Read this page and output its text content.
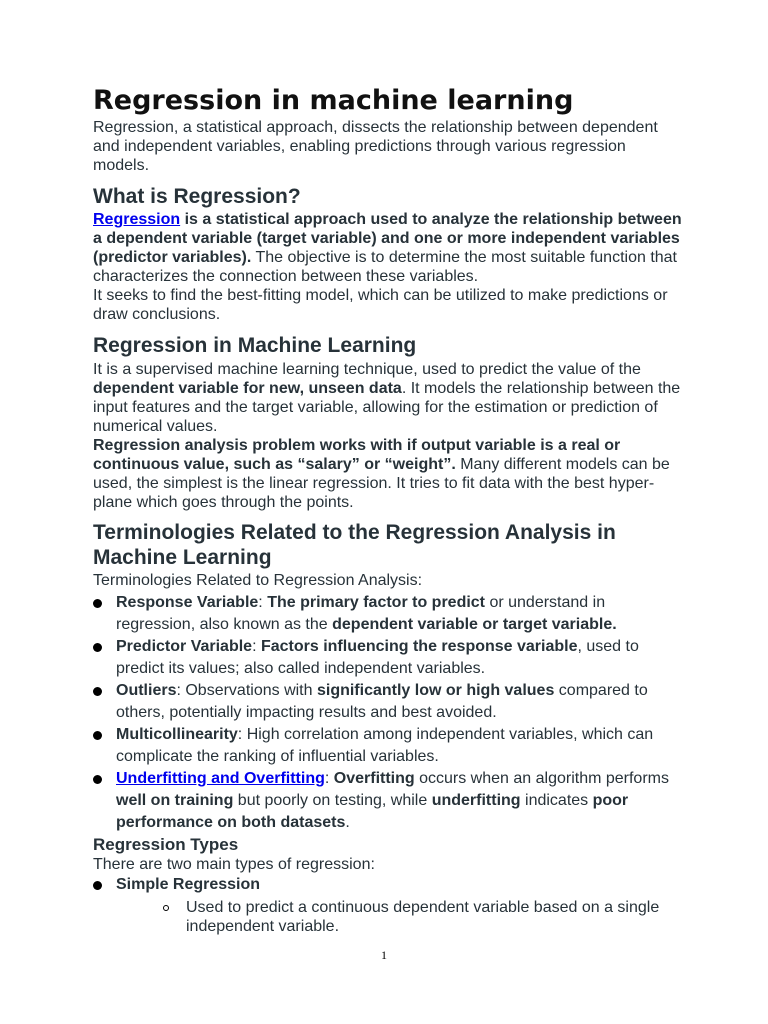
Regression in machine learning

Regression, a statistical approach, dissects the relationship between dependent and independent variables, enabling predictions through various regression models.

What is Regression?

Regression is a statistical approach used to analyze the relationship between a dependent variable (target variable) and one or more independent variables (predictor variables). The objective is to determine the most suitable function that characterizes the connection between these variables.

It seeks to find the best-fitting model, which can be utilized to make predictions or draw conclusions.

Regression in Machine Learning

It is a supervised machine learning technique, used to predict the value of the dependent variable for new, unseen data. It models the relationship between the input features and the target variable, allowing for the estimation or prediction of numerical values.

Regression analysis problem works with if output variable is a real or continuous value, such as “salary” or “weight”. Many different models can be used, the simplest is the linear regression. It tries to fit data with the best hyper-plane which goes through the points.

Terminologies Related to the Regression Analysis in Machine Learning

Terminologies Related to Regression Analysis:

Response Variable: The primary factor to predict or understand in regression, also known as the dependent variable or target variable.
Predictor Variable: Factors influencing the response variable, used to predict its values; also called independent variables.
Outliers: Observations with significantly low or high values compared to others, potentially impacting results and best avoided.
Multicollinearity: High correlation among independent variables, which can complicate the ranking of influential variables.
Underfitting and Overfitting: Overfitting occurs when an algorithm performs well on training but poorly on testing, while underfitting indicates poor performance on both datasets.
Regression Types

There are two main types of regression:

Simple Regression
Used to predict a continuous dependent variable based on a single independent variable.
1
